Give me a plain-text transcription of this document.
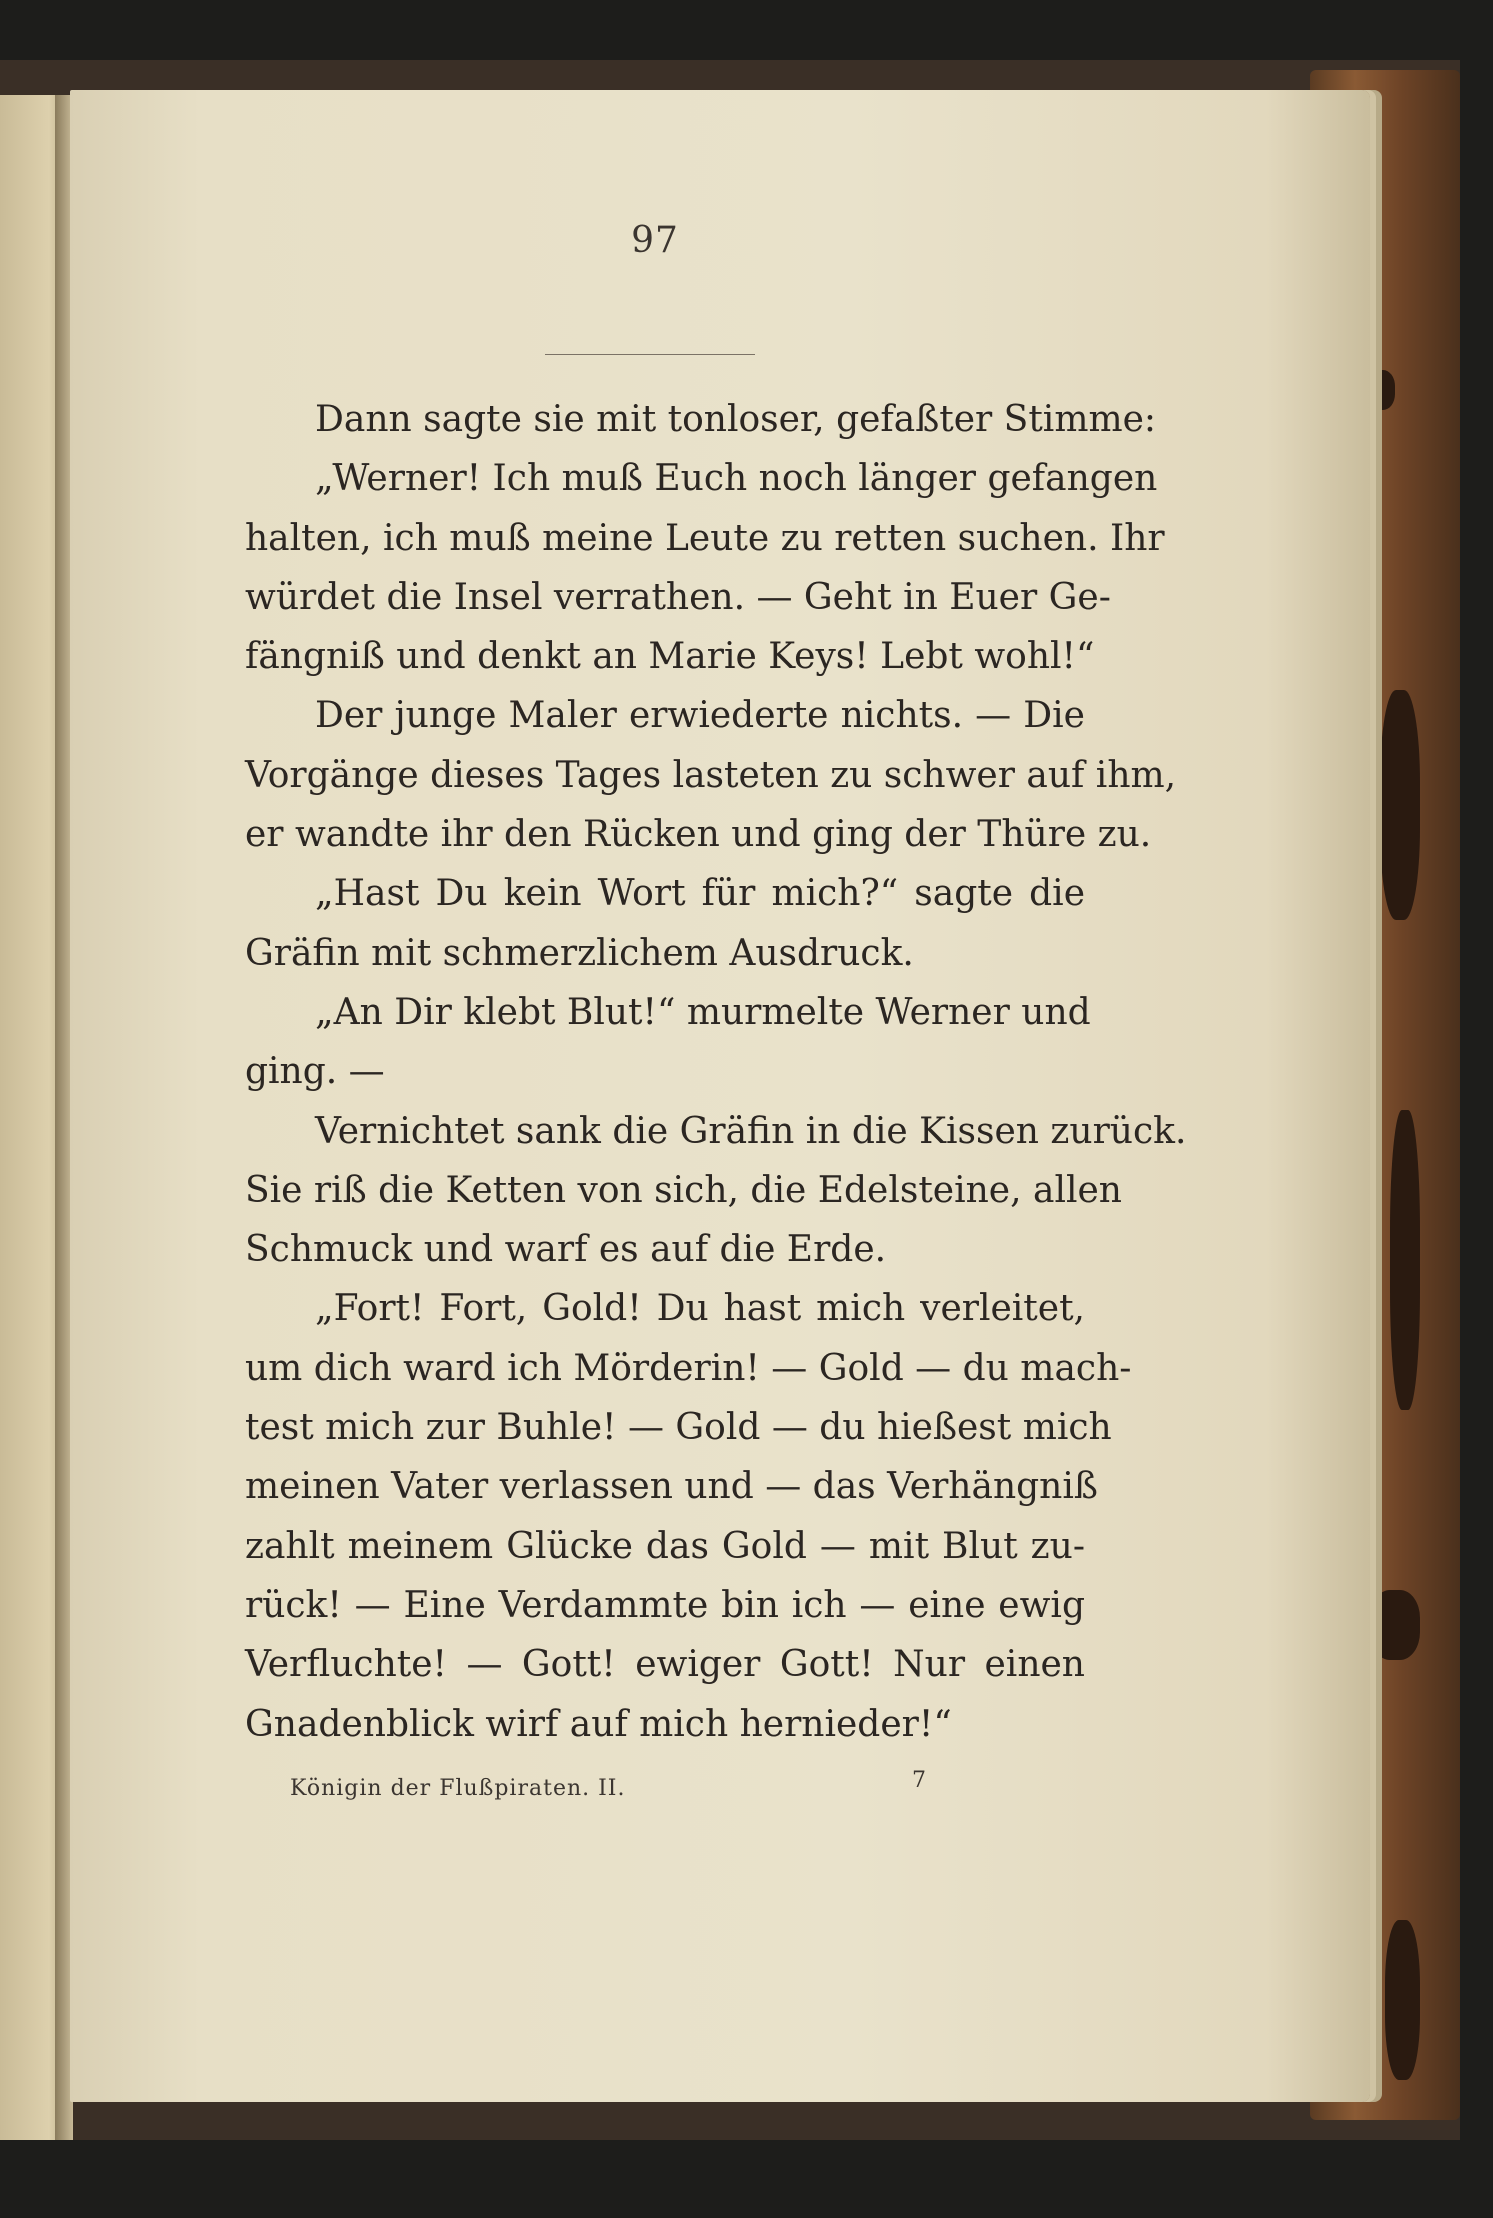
97
Dann sagte sie mit tonloser, gefaßter Stimme:
„Werner! Ich muß Euch noch länger gefangen
halten, ich muß meine Leute zu retten suchen. Ihr
würdet die Insel verrathen. — Geht in Euer Ge-
fängniß und denkt an Marie Keys! Lebt wohl!“
Der junge Maler erwiederte nichts. — Die
Vorgänge dieses Tages lasteten zu schwer auf ihm,
er wandte ihr den Rücken und ging der Thüre zu.
„Hast Du kein Wort für mich?“ sagte die
Gräfin mit schmerzlichem Ausdruck.
„An Dir klebt Blut!“ murmelte Werner und
ging. —
Vernichtet sank die Gräfin in die Kissen zurück.
Sie riß die Ketten von sich, die Edelsteine, allen
Schmuck und warf es auf die Erde.
„Fort! Fort, Gold! Du hast mich verleitet,
um dich ward ich Mörderin! — Gold — du mach-
test mich zur Buhle! — Gold — du hießest mich
meinen Vater verlassen und — das Verhängniß
zahlt meinem Glücke das Gold — mit Blut zu-
rück! — Eine Verdammte bin ich — eine ewig
Verfluchte! — Gott! ewiger Gott! Nur einen
Gnadenblick wirf auf mich hernieder!“
Königin der Flußpiraten. II.	7
